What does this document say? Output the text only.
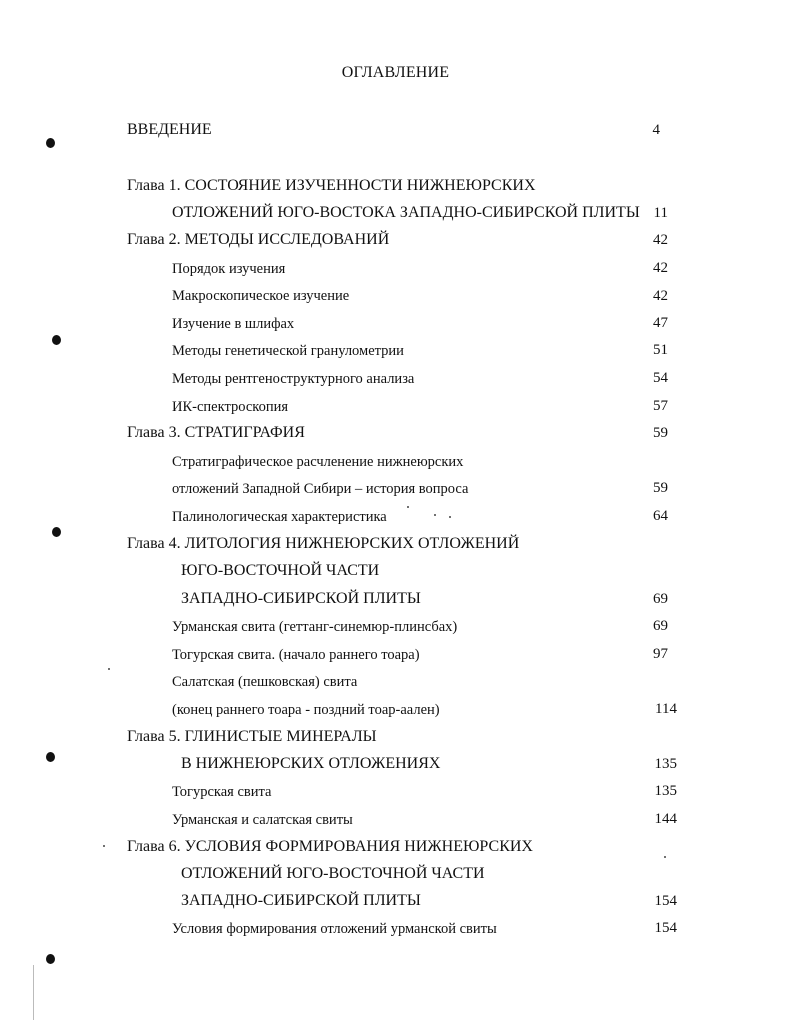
ОГЛАВЛЕНИЕ
ВВЕДЕНИЕ	4
Глава 1. СОСТОЯНИЕ ИЗУЧЕННОСТИ НИЖНЕЮРСКИХ
ОТЛОЖЕНИЙ ЮГО-ВОСТОКА ЗАПАДНО-СИБИРСКОЙ ПЛИТЫ 11
Глава 2. МЕТОДЫ ИССЛЕДОВАНИЙ	42
Порядок изучения	42
Макроскопическое изучение	42
Изучение в шлифах	47
Методы генетической гранулометрии	51
Методы рентгеноструктурного анализа	54
ИК-спектроскопия	57
Глава 3. СТРАТИГРАФИЯ	59
Стратиграфическое расчленение нижнеюрских
отложений Западной Сибири – история вопроса	59
Палинологическая характеристика	64
Глава 4. ЛИТОЛОГИЯ НИЖНЕЮРСКИХ ОТЛОЖЕНИЙ
ЮГО-ВОСТОЧНОЙ ЧАСТИ
ЗАПАДНО-СИБИРСКОЙ ПЛИТЫ	69
Урманская свита (геттанг-синемюр-плинсбах)	69
Тогурская свита. (начало раннего тоара)	97
Салатская (пешковская) свита
(конец раннего тоара - поздний тоар-аален)	114
Глава 5. ГЛИНИСТЫЕ МИНЕРАЛЫ
В НИЖНЕЮРСКИХ ОТЛОЖЕНИЯХ	135
Тогурская свита	135
Урманская и салатская свиты	144
Глава 6. УСЛОВИЯ ФОРМИРОВАНИЯ НИЖНЕЮРСКИХ
ОТЛОЖЕНИЙ ЮГО-ВОСТОЧНОЙ ЧАСТИ
ЗАПАДНО-СИБИРСКОЙ ПЛИТЫ	154
Условия формирования отложений урманской свиты	154
